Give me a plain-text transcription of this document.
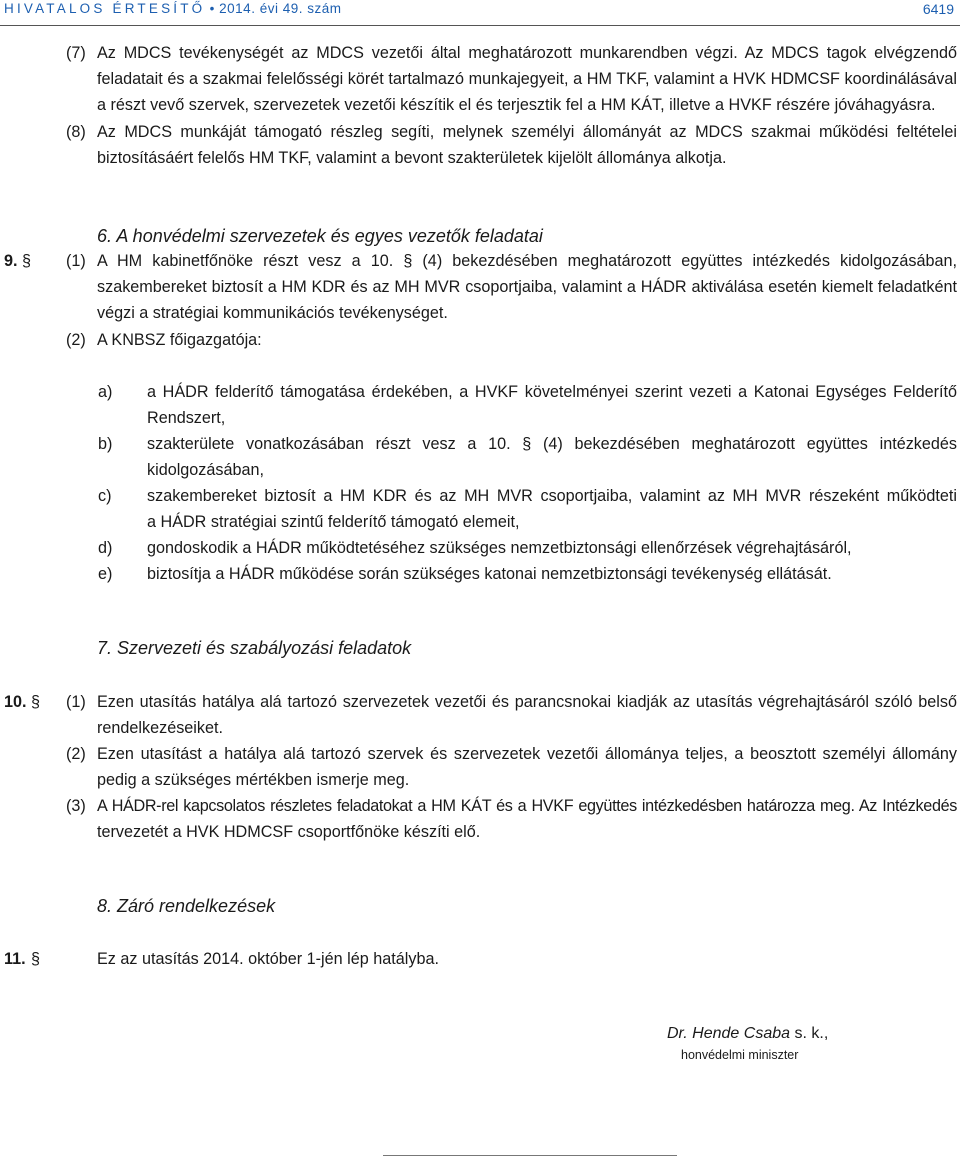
HIVATALOS ÉRTESÍTŐ • 2014. évi 49. szám	6419
(7) Az MDCS tevékenységét az MDCS vezetői által meghatározott munkarendben végzi. Az MDCS tagok elvégzendő
feladatait és a szakmai felelősségi körét tartalmazó munkajegyeit, a HM TKF, valamint a HVK HDMCSF koordinálásával
a részt vevő szervek, szervezetek vezetői készítik el és terjesztik fel a HM KÁT, illetve a HVKF részére jóváhagyásra.
(8) Az MDCS munkáját támogató részleg segíti, melynek személyi állományát az MDCS szakmai működési feltételei
biztosításáért felelős HM TKF, valamint a bevont szakterületek kijelölt állománya alkotja.
6. A honvédelmi szervezetek és egyes vezetők feladatai
9. § (1) A HM kabinetfőnöke részt vesz a 10. § (4) bekezdésében meghatározott együttes intézkedés kidolgozásában,
szakembereket biztosít a HM KDR és az MH MVR csoportjaiba, valamint a HÁDR aktiválása esetén kiemelt feladatként
végzi a stratégiai kommunikációs tevékenységet.
(2) A KNBSZ főigazgatója:
a) a HÁDR felderítő támogatása érdekében, a HVKF követelményei szerint vezeti a Katonai Egységes Felderítő
Rendszert,
b) szakterülete vonatkozásában részt vesz a 10. § (4) bekezdésében meghatározott együttes intézkedés
kidolgozásában,
c) szakembereket biztosít a HM KDR és az MH MVR csoportjaiba, valamint az MH MVR részeként működteti
a HÁDR stratégiai szintű felderítő támogató elemeit,
d) gondoskodik a HÁDR működtetéséhez szükséges nemzetbiztonsági ellenőrzések végrehajtásáról,
e) biztosítja a HÁDR működése során szükséges katonai nemzetbiztonsági tevékenység ellátását.
7. Szervezeti és szabályozási feladatok
10. § (1) Ezen utasítás hatálya alá tartozó szervezetek vezetői és parancsnokai kiadják az utasítás végrehajtásáról szóló belső
rendelkezéseiket.
(2) Ezen utasítást a hatálya alá tartozó szervek és szervezetek vezetői állománya teljes, a beosztott személyi állomány
pedig a szükséges mértékben ismerje meg.
(3) A HÁDR-rel kapcsolatos részletes feladatokat a HM KÁT és a HVKF együttes intézkedésben határozza meg. Az Intézkedés
tervezetét a HVK HDMCSF csoportfőnöke készíti elő.
8. Záró rendelkezések
11. §	Ez az utasítás 2014. október 1-jén lép hatályba.
Dr. Hende Csaba s. k.,
honvédelmi miniszter
